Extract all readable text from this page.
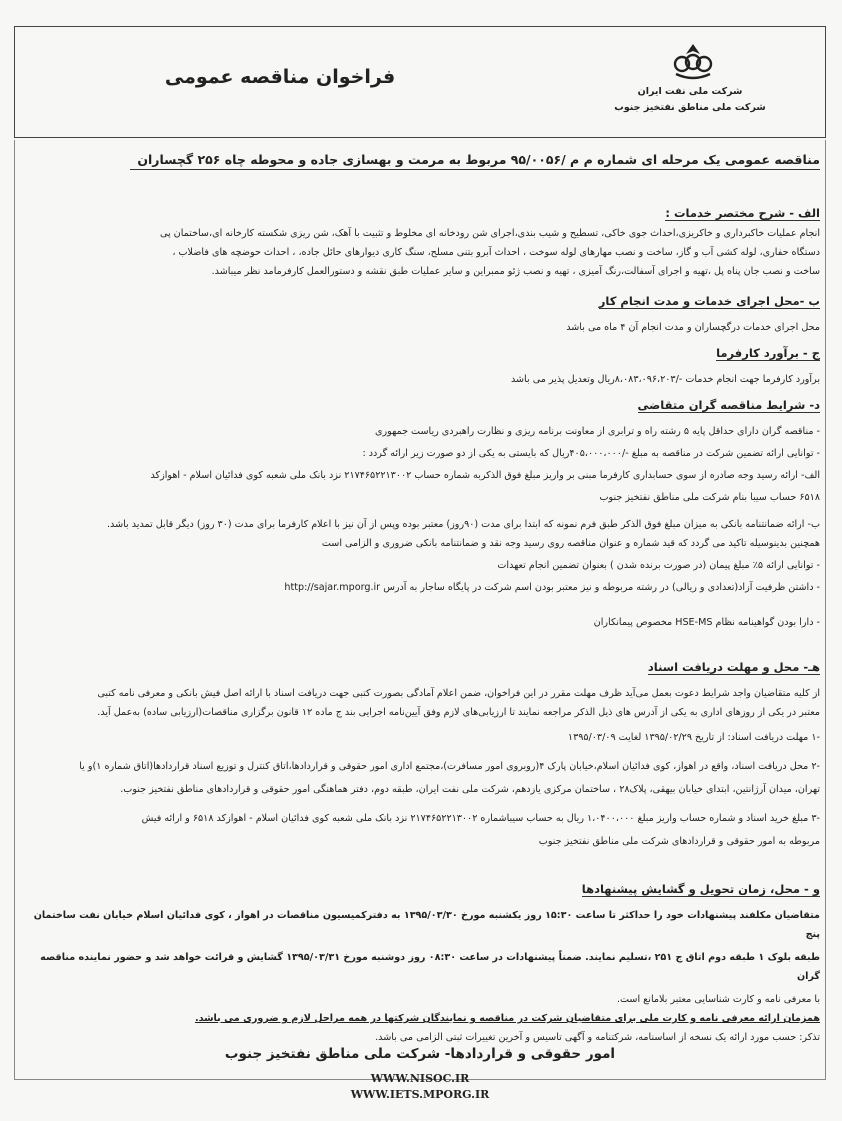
فراخوان مناقصه عمومی
شرکت ملی نفت ایران
شرکت ملی مناطق نفتخیز جنوب
مناقصه عمومی یک مرحله ای شماره م م /۹۵/۰۰۵۶ مربوط به مرمت و بهسازی جاده و محوطه چاه ۲۵۶ گچساران
الف - شرح مختصر خدمات :
انجام عملیات خاکبرداری و خاکریزی،احداث جوی خاکی، تسطیح و شیب بندی،اجرای شن رودخانه ای مخلوط و تثبیت با آهک، شن ریزی شکسته کارخانه ای،ساختمان پی
دستگاه حفاری، لوله کشی آب و گاز، ساخت و نصب مهارهای لوله سوخت ، احداث آبرو بتنی مسلح، سنگ کاری دیوارهای حائل جاده، ، احداث حوضچه های فاضلاب ،
ساخت و نصب جان پناه پل ،تهیه و اجرای آسفالت،رنگ آمیزی ، تهیه و نصب ژئو ممبراین و سایر عملیات طبق نقشه و دستورالعمل کارفرمامد نظر میباشد.
ب -محل اجرای خدمات و مدت انجام کار
محل اجرای خدمات درگچساران و مدت انجام آن ۴ ماه می باشد
ج - برآورد کارفرما
برآورد کارفرما جهت انجام خدمات -/۸،۰۸۳،۰۹۶،۲۰۳ریال وتعدیل پذیر می باشد
د- شرایط مناقصه گران متقاضی
- مناقصه گران دارای حداقل پایه ۵ رشته راه و ترابری از معاونت برنامه ریزی و نظارت راهبردی ریاست جمهوری
- توانایی ارائه تضمین شرکت در مناقصه به مبلغ -/۴۰۵،۰۰۰،۰۰۰ریال که بایستی به یکی از دو صورت زیر ارائه گردد :
الف- ارائه رسید وجه صادره از سوی حسابداری کارفرما مبنی بر واریز مبلغ فوق الذکربه شماره حساب ۲۱۷۴۶۵۲۲۱۳۰۰۲ نزد بانک ملی شعبه کوی فدائیان اسلام - اهوازکد
۶۵۱۸ حساب سیبا بنام شرکت ملی مناطق نفتخیز جنوب
ب- ارائه ضمانتنامه بانکی به میزان مبلغ فوق الذکر طبق فرم نمونه که ابتدا برای مدت (۹۰روز) معتبر بوده وپس از آن نیز با اعلام کارفرما برای مدت (۳۰ روز) دیگر قابل تمدید باشد.
همچنین بدینوسیله تاکید می گردد که قید شماره و عنوان مناقصه روی رسید وجه نقد و ضمانتنامه بانکی ضروری و الزامی است
- توانایی ارائه ۵٪ مبلغ پیمان (در صورت برنده شدن ) بعنوان تضمین انجام تعهدات
- داشتن ظرفیت آزاد(تعدادی و ریالی) در رشته مربوطه و نیز معتبر بودن اسم شرکت در پایگاه ساجار به آدرس http://sajar.mporg.ir
- دارا بودن گواهینامه نظام HSE-MS مخصوص پیمانکاران
هـ- محل و مهلت دریافت اسناد
از کلیه متقاضیان واجد شرایط دعوت بعمل می‌آید ظرف مهلت مقرر در این فراخوان، ضمن اعلام آمادگی بصورت کتبی جهت دریافت اسناد با ارائه اصل فیش بانکی و معرفی نامه کتبی
معتبر در یکی از روزهای اداری به یکی از آدرس های ذیل الذکر مراجعه نمایند تا ارزیابی‌های لازم وفق آیین‌نامه اجرایی بند ج ماده ۱۲ قانون برگزاری مناقصات(ارزیابی ساده) به‌عمل آید.
-۱ مهلت دریافت اسناد: از تاریخ ۱۳۹۵/۰۲/۲۹ لغایت ۱۳۹۵/۰۳/۰۹
-۲ محل دریافت اسناد، واقع در اهواز، کوی فدائیان اسلام،خیابان پارک ۴(روبروی امور مسافرت)،مجتمع اداری امور حقوقی و قراردادها،اتاق کنترل و توزیع اسناد قراردادها(اتاق شماره ۱)و یا
تهران، میدان آرژانتین، ابتدای خیابان بیهقی، پلاک۲۸ ، ساختمان مرکزی یازدهم، شرکت ملی نفت ایران، طبقه دوم، دفتر هماهنگی امور حقوقی و قراردادهای مناطق نفتخیز جنوب.
-۳ مبلغ خرید اسناد و شماره حساب واریز مبلغ ۱،۰۴۰۰،۰۰۰ ریال به حساب سیباشماره ۲۱۷۴۶۵۲۲۱۳۰۰۲ نزد بانک ملی شعبه کوی فدائیان اسلام - اهوازکد ۶۵۱۸ و ارائه فیش
مربوطه به امور حقوقی و قراردادهای شرکت ملی مناطق نفتخیز جنوب
و - محل، زمان تحویل و گشایش پیشنهادها
متقاضیان مکلفند پیشنهادات خود را حداکثر تا ساعت ۱۵:۳۰ روز یکشنبه مورخ ۱۳۹۵/۰۳/۳۰ به دفترکمیسیون مناقصات در اهواز ، کوی فدائیان اسلام خیابان نفت ساختمان پنج
طبقه بلوک ۱ طبقه دوم اتاق ج ۲۵۱ ،تسلیم نمایند. ضمناً پیشنهادات در ساعت ۰۸:۳۰ روز دوشنبه مورخ ۱۳۹۵/۰۳/۳۱ گشایش و قرائت خواهد شد و حضور نماینده مناقصه گران
با معرفی نامه و کارت شناسایی معتبر بلامانع است.
همزمان ارائه معرفی نامه و کارت ملی برای متقاضیان شرکت در مناقصه و نمایندگان شرکتها در همه مراحل لازم و ضروری می باشد.
تذکر: حسب مورد ارائه یک نسخه از اساسنامه، شرکتنامه و آگهی تاسیس و آخرین تغییرات ثبتی الزامی می باشد.
امور حقوقی و قراردادها- شرکت ملی مناطق نفتخیز جنوب
WWW.NISOC.IR
WWW.IETS.MPORG.IR
